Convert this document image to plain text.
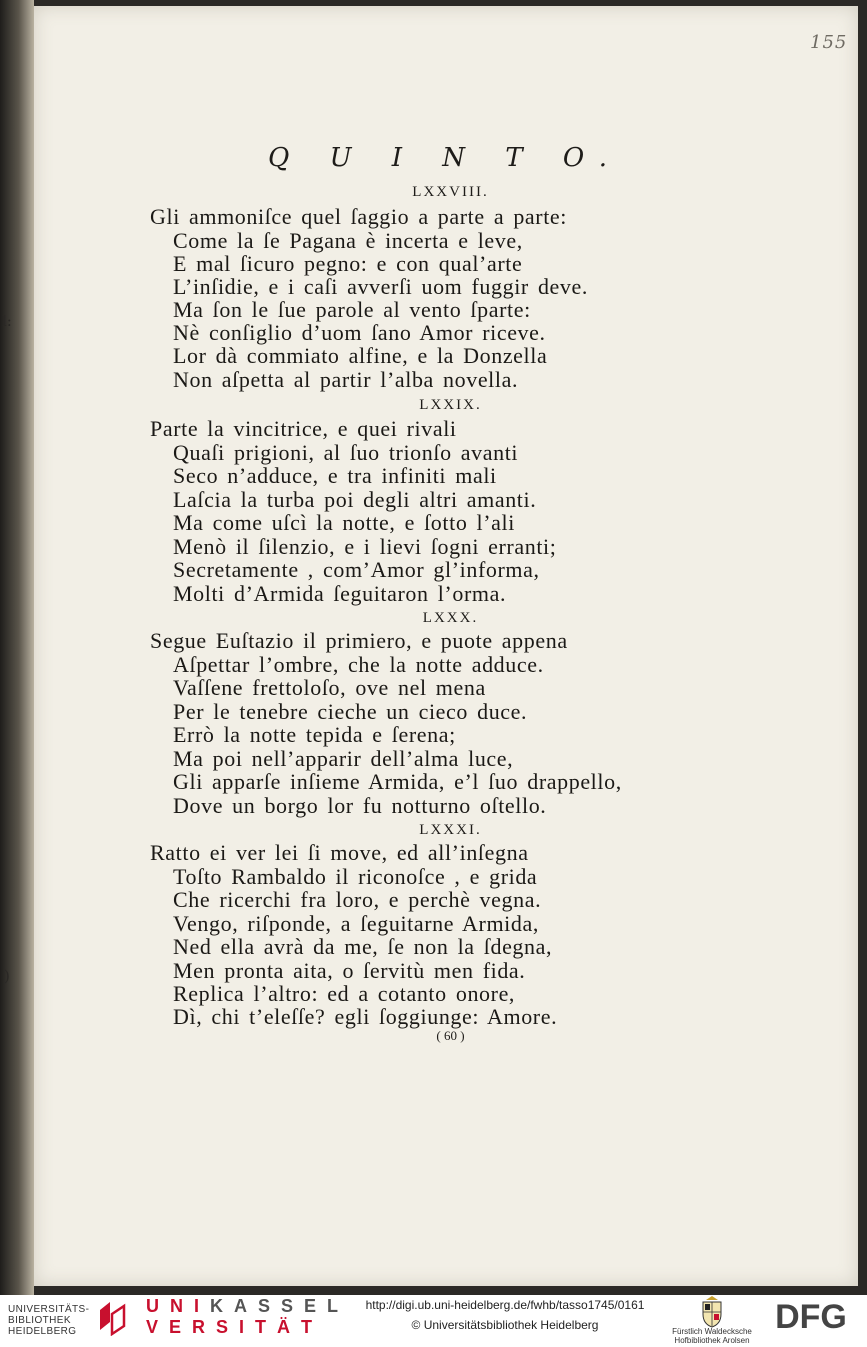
l:
)
155
Q U I N T O.
LXXVIII.
Gli ammoniſce quel ſaggio a parte a parte:
Come la ſe Pagana è incerta e leve,
E mal ſicuro pegno: e con qual’arte
L’inſidie, e i caſi avverſi uom fuggir deve.
Ma ſon le ſue parole al vento ſparte:
Nè conſiglio d’uom ſano Amor riceve.
Lor dà commiato alfine, e la Donzella
Non aſpetta al partir l’alba novella.
LXXIX.
Parte la vincitrice, e quei rivali
Quaſi prigioni, al ſuo trionſo avanti
Seco n’adduce, e tra infiniti mali
Laſcia la turba poi degli altri amanti.
Ma come uſcì la notte, e ſotto l’ali
Menò il ſilenzio, e i lievi ſogni erranti;
Secretamente , com’Amor gl’informa,
Molti d’Armida ſeguitaron l’orma.
LXXX.
Segue Euſtazio il primiero, e puote appena
Aſpettar l’ombre, che la notte adduce.
Vaſſene frettoloſo, ove nel mena
Per le tenebre cieche un cieco duce.
Errò la notte tepida e ſerena;
Ma poi nell’apparir dell’alma luce,
Gli apparſe inſieme Armida, e’l ſuo drappello,
Dove un borgo lor fu notturno oſtello.
LXXXI.
Ratto ei ver lei ſi move, ed all’inſegna
Toſto Rambaldo il riconoſce , e grida
Che ricerchi fra loro, e perchè vegna.
Vengo, riſponde, a ſeguitarne Armida,
Ned ella avrà da me, ſe non la ſdegna,
Men pronta aita, o ſervitù men fida.
Replica l’altro: ed a cotanto onore,
Dì, chi t’eleſſe? egli ſoggiunge: Amore.
( 60 )
UNIVERSITÄTS-
BIBLIOTHEK
HEIDELBERG
UNIKASSEL
VERSITÄT
http://digi.ub.uni-heidelberg.de/fwhb/tasso1745/0161
© Universitätsbibliothek Heidelberg	Fürstlich Waldecksche
Hofbibliothek Arolsen
DFG
